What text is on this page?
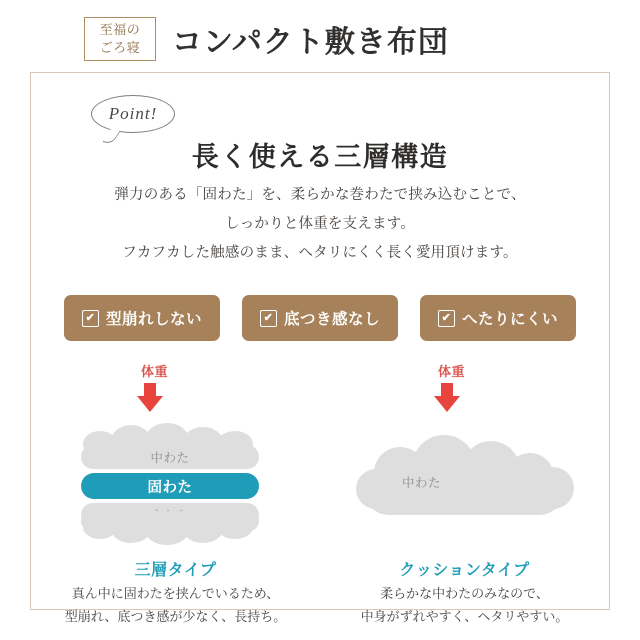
至福の
ごろ寝 コンパクト敷き布団
Point!
長く使える三層構造
弾力のある「固わた」を、柔らかな巻わたで挟み込むことで、
しっかりと体重を支えます。
フカフカした触感のまま、ヘタリにくく長く愛用頂けます。
✔ 型崩れしない	✔ 底つき感なし	✔ へたりにくい
体重
中わた
固わた
三層タイプ
真ん中に固わたを挟んでいるため、
型崩れ、底つき感が少なく、長持ち。
体重
中わた
クッションタイプ
柔らかな中わたのみなので、
中身がずれやすく、ヘタリやすい。
